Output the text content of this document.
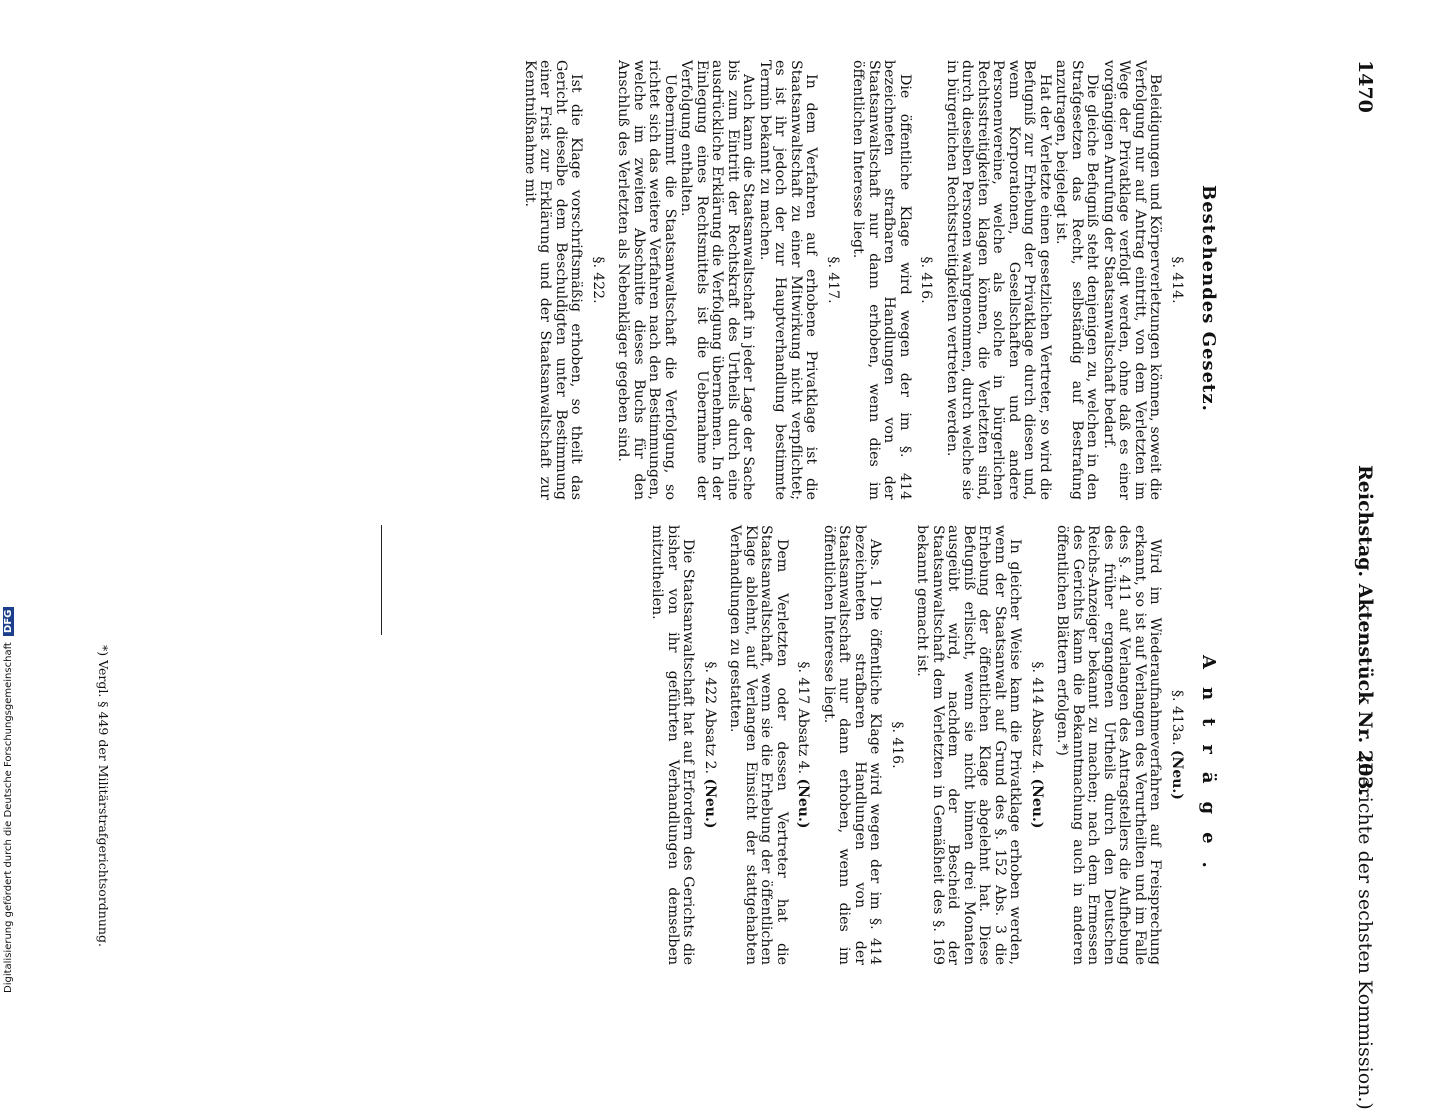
1470
Reichstag. Aktenstück Nr. 203.
(Berichte der sechsten Kommission.)
Bestehendes Gesetz.
Anträge.
§. 414.

Beleidigungen und Körperverletzungen können, soweit die Verfolgung nur auf Antrag eintritt, von dem Verletzten im Wege der Privatklage verfolgt werden, ohne daß es einer vorgängigen Anrufung der Staatsanwaltschaft bedarf.

Die gleiche Befugniß steht denjenigen zu, welchen in den Strafgesetzen das Recht, selbständig auf Bestrafung anzutragen, beigelegt ist.

Hat der Verletzte einen gesetzlichen Vertreter, so wird die Befugniß zur Erhebung der Privatklage durch diesen und, wenn Korporationen, Gesellschaften und andere Personenvereine, welche als solche in bürgerlichen Rechtsstreitigkeiten klagen können, die Verletzten sind, durch dieselben Personen wahrgenommen, durch welche sie in bürgerlichen Rechtsstreitigkeiten vertreten werden.

§. 416.

Die öffentliche Klage wird wegen der im §. 414 bezeichneten strafbaren Handlungen von der Staatsanwaltschaft nur dann erhoben, wenn dies im öffentlichen Interesse liegt.

§. 417.

In dem Verfahren auf erhobene Privatklage ist die Staatsanwaltschaft zu einer Mitwirkung nicht verpflichtet; es ist ihr jedoch der zur Hauptverhandlung bestimmte Termin bekannt zu machen.

Auch kann die Staatsanwaltschaft in jeder Lage der Sache bis zum Eintritt der Rechtskraft des Urtheils durch eine ausdrückliche Erklärung die Verfolgung übernehmen. In der Einlegung eines Rechtsmittels ist die Uebernahme der Verfolgung enthalten.

Uebernimmt die Staatsanwaltschaft die Verfolgung, so richtet sich das weitere Verfahren nach den Bestimmungen, welche im zweiten Abschnitte dieses Buchs für den Anschluß des Verletzten als Nebenkläger gegeben sind.

§. 422.

Ist die Klage vorschriftsmäßig erhoben, so theilt das Gericht dieselbe dem Beschuldigten unter Bestimmung einer Frist zur Erklärung und der Staatsanwaltschaft zur Kenntnißnahme mit.

§. 413a. (Neu.)

Wird im Wiederaufnahmeverfahren auf Freisprechung erkannt, so ist auf Verlangen des Verurtheilten und im Falle des §. 411 auf Verlangen des Antragstellers die Aufhebung des früher ergangenen Urtheils durch den Deutschen Reichs-Anzeiger bekannt zu machen; nach dem Ermessen des Gerichts kann die Bekanntmachung auch in anderen öffentlichen Blättern erfolgen.*)

§. 414 Absatz 4. (Neu.)

In gleicher Weise kann die Privatklage erhoben werden, wenn der Staatsanwalt auf Grund des §. 152 Abs. 3 die Erhebung der öffentlichen Klage abgelehnt hat. Diese Befugniß erlischt, wenn sie nicht binnen drei Monaten ausgeübt wird, nachdem der Bescheid der Staatsanwaltschaft dem Verletzten in Gemäßheit des §. 169 bekannt gemacht ist.

§. 416.

Abs. 1 Die öffentliche Klage wird wegen der im §. 414 bezeichneten strafbaren Handlungen von der Staatsanwaltschaft nur dann erhoben, wenn dies im öffentlichen Interesse liegt.

§. 417 Absatz 4. (Neu.)

Dem Verletzten oder dessen Vertreter hat die Staatsanwaltschaft, wenn sie die Erhebung der öffentlichen Klage ablehnt, auf Verlangen Einsicht der stattgehabten Verhandlungen zu gestatten.

§. 422 Absatz 2. (Neu.)

Die Staatsanwaltschaft hat auf Erfordern des Gerichts die bisher von ihr geführten Verhandlungen demselben mitzutheilen.

*) Vergl. § 449 der Militärstrafgerichtsordnung.
Digitalisierung gefördert durch die Deutsche Forschungsgemeinschaft DFG
